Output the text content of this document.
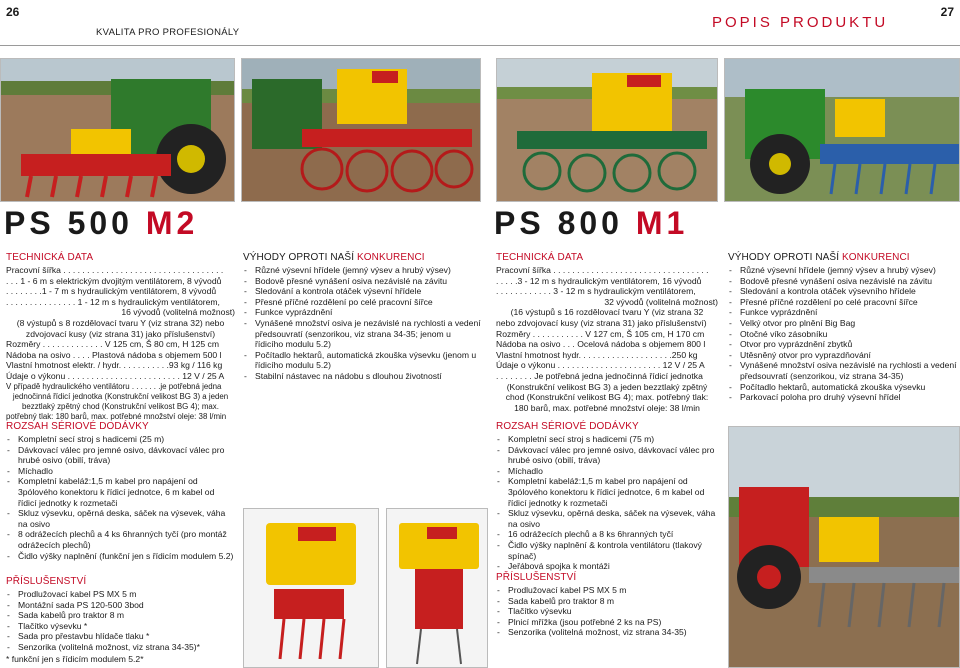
26
KVALITA PRO PROFESIONÁLY
POPIS PRODUKTU
27
PS 500 M2	PS 800 M1
TECHNICKÁ DATA
Pracovní šířka . . . . . . . . . . . . . . . . . . . . . . . . . . . . . . . . . .
. . . 1 - 6 m s elektrickým dvojitým ventilátorem, 8 vývodů
. . . . . . . .1 - 7 m s hydraulickým ventilátorem, 8 vývodů
. . . . . . . . . . . . . . . 1 - 12 m s hydraulickým ventilátorem,
16 vývodů (volitelná možnost)
(8 výstupů s 8 rozdělovací tvaru Y (viz strana 32) nebo
zdvojovací kusy (viz strana 31) jako příslušenství)
Rozměry . . . . . . . . . . . . . V 125 cm, Š 80 cm, H 125 cm
Nádoba na osivo . . . . Plastová nádoba s objemem 500 l
Vlastní hmotnost elektr. / hydr. . . . . . . . . . .93 kg / 116 kg
Údaje o výkonu . . . . . . . . . . . . . . . . . . . . . . . . 12 V / 25 A
V případě hydraulického ventilátoru . . . . . . .je potřebná jedna
jednočinná řídicí jednotka (Konstrukční velikost BG 3) a jeden
bezztlaký zpětný chod (Konstrukční velikost BG 4); max.
potřebný tlak: 180 barů, max. potřebné množství oleje: 38 l/min
VÝHODY OPROTI NAŠÍ KONKURENCI
- Různé výsevní hřídele (jemný výsev a hrubý výsev)
- Bodově přesné vynášení osiva nezávislé na závitu
- Sledování a kontrola otáček výsevní hřídele
- Přesné příčné rozdělení po celé pracovní šířce
- Funkce vyprázdnění
- Vynášené množství osiva je nezávislé na rychlosti a vedení předsouvratí (senzorikou, viz strana 34-35; jenom u řídicího modulu 5.2)
- Počítadlo hektarů, automatická zkouška výsevku (jenom u řídicího modulu 5.2)
- Stabilní nástavec na nádobu s dlouhou životností
ROZSAH SÉRIOVÉ DODÁVKY
- Kompletní secí stroj s hadicemi (25 m)
- Dávkovací válec pro jemné osivo, dávkovací válec pro hrubé osivo (obilí, tráva)
- Míchadlo
- Kompletní kabeláž:1,5 m kabel pro napájení od 3pólového konektoru k řídicí jednotce, 6 m kabel od řídicí jednotky k rozmetači
- Skluz výsevku, opěrná deska, sáček na výsevek, váha na osivo
- 8 odrážecích plechů a 4 ks 6hranných tyčí (pro montáž odrážecích plechů)
- Čidlo výšky naplnění (funkční jen s řídicím modulem 5.2)
PŘÍSLUŠENSTVÍ
- Prodlužovací kabel PS MX 5 m
- Montážní sada PS 120-500 3bod
- Sada kabelů pro traktor 8 m
- Tlačítko výsevku *
- Sada pro přestavbu hlídače tlaku *
- Senzorika (volitelná možnost, viz strana 34-35)*
* funkční jen s řídicím modulem 5.2*
TECHNICKÁ DATA
Pracovní šířka . . . . . . . . . . . . . . . . . . . . . . . . . . . . . . . . .
. . . . .3 - 12 m s hydraulickým ventilátorem, 16 vývodů
. . . . . . . . . . . . 3 - 12 m s hydraulickým ventilátorem,
32 vývodů (volitelná možnost)
(16 výstupů s 16 rozdělovací tvaru Y (viz strana 32
nebo zdvojovací kusy (viz strana 31) jako příslušenství)
Rozměry . . . . . . . . . . . V 127 cm, Š 105 cm, H 170 cm
Nádoba na osivo . . . Ocelová nádoba s objemem 800 l
Vlastní hmotnost hydr. . . . . . . . . . . . . . . . . . . .250 kg
Údaje o výkonu . . . . . . . . . . . . . . . . . . . . . . 12 V / 25 A
. . . . . . . . Je potřebná jedna jednočinná řídicí jednotka
(Konstrukční velikost BG 3) a jeden bezztlaký zpětný
chod (Konstrukční velikost BG 4); max. potřebný tlak:
180 barů, max. potřebné množství oleje: 38 l/min
VÝHODY OPROTI NAŠÍ KONKURENCI
- Různé výsevní hřídele (jemný výsev a hrubý výsev)
- Bodově přesné vynášení osiva nezávislé na závitu
- Sledování a kontrola otáček výsevního hřídele
- Přesné příčné rozdělení po celé pracovní šířce
- Funkce vyprázdnění
- Velký otvor pro plnění Big Bag
- Otočné víko zásobníku
- Otvor pro vyprázdnění zbytků
- Utěsněný otvor pro vyprazdňování
- Vynášené množství osiva nezávislé na rychlosti a vedení předsouvratí (senzorikou, viz strana 34-35)
- Počítadlo hektarů, automatická zkouška výsevku
- Parkovací poloha pro druhý výsevní hřídel
ROZSAH SÉRIOVÉ DODÁVKY
- Kompletní secí stroj s hadicemi (75 m)
- Dávkovací válec pro jemné osivo, dávkovací válec pro hrubé osivo (obilí, tráva)
- Míchadlo
- Kompletní kabeláž:1,5 m kabel pro napájení od 3pólového konektoru k řídicí jednotce, 6 m kabel od řídicí jednotky k rozmetači
- Skluz výsevku, opěrná deska, sáček na výsevek, váha na osivo
- 16 odrážecích plechů a 8 ks 6hranných tyčí
- Čidlo výšky naplnění & kontrola ventilátoru (tlakový spínač)
- Jeřábová spojka k montáži
PŘÍSLUŠENSTVÍ
- Prodlužovací kabel PS MX 5 m
- Sada kabelů pro traktor 8 m
- Tlačítko výsevku
- Plnicí mřížka (jsou potřebné 2 ks na PS)
- Senzorika (volitelná možnost, viz strana 34-35)
